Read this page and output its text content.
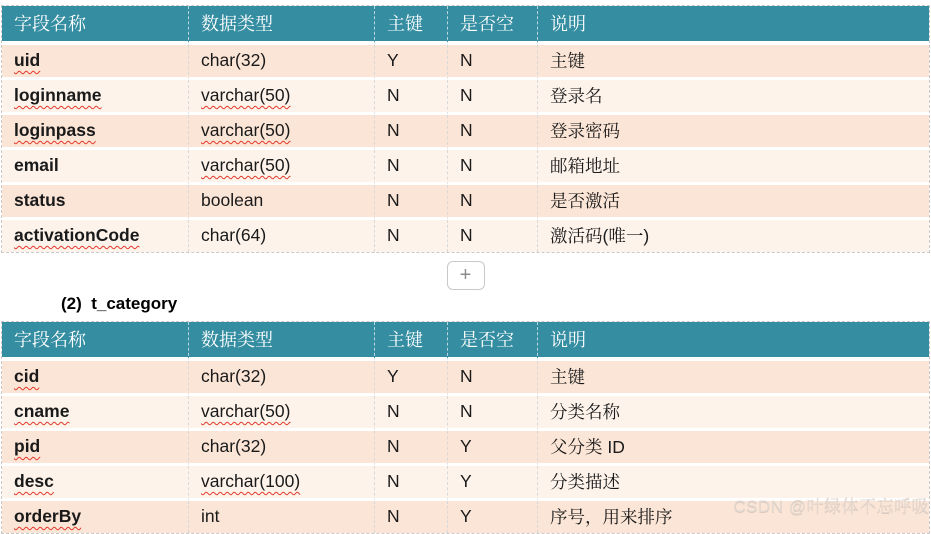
字段名称	数据类型	主键	是否空	说明
uid	char(32)	Y	N	主键
loginname	varchar(50)	N	N	登录名
loginpass	varchar(50)	N	N	登录密码
email	varchar(50)	N	N	邮箱地址
status	boolean	N	N	是否激活
activationCode	char(64)	N	N	激活码(唯一)
+
(2)  t_category
字段名称	数据类型	主键	是否空	说明
cid	char(32)	Y	N	主键
cname	varchar(50)	N	N	分类名称
pid	char(32)	N	Y	父分类 ID
desc	varchar(100)	N	Y	分类描述
orderBy	int	N	Y	序号，用来排序
CSDN @叶绿体不忘呼吸
